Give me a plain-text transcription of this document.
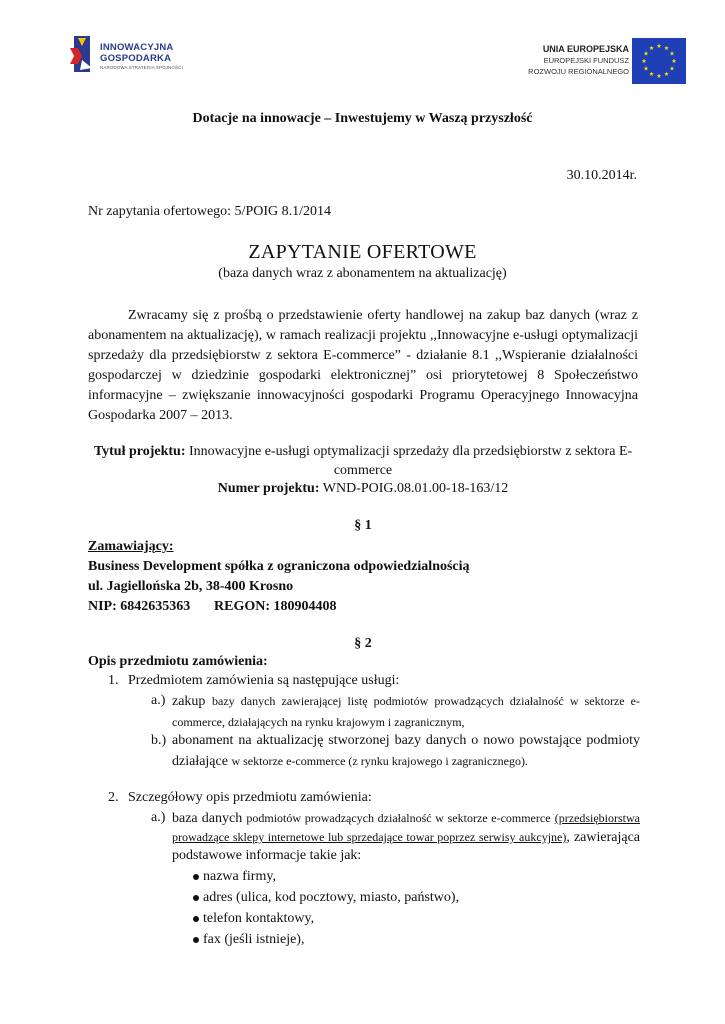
INNOWACYJNA
GOSPODARKA
NARODOWA STRATEGIA SPÓJNOŚCI
UNIA EUROPEJSKA
EUROPEJSKI FUNDUSZ
ROZWOJU REGIONALNEGO
Dotacje na innowacje – Inwestujemy w Waszą przyszłość
30.10.2014r.
Nr zapytania ofertowego: 5/POIG 8.1/2014
ZAPYTANIE OFERTOWE
(baza danych wraz z abonamentem na aktualizację)
Zwracamy się z prośbą o przedstawienie oferty handlowej na zakup baz danych (wraz z abonamentem na aktualizację), w ramach realizacji projektu ,,Innowacyjne e-usługi optymalizacji sprzedaży dla przedsiębiorstw z sektora E-commerce” - działanie 8.1 ,,Wspieranie działalności gospodarczej w dziedzinie gospodarki elektronicznej” osi priorytetowej 8 Społeczeństwo informacyjne – zwiększanie innowacyjności gospodarki Programu Operacyjnego Innowacyjna Gospodarka 2007 – 2013.
Tytuł projektu: Innowacyjne e-usługi optymalizacji sprzedaży dla przedsiębiorstw z sektora E-commerce
Numer projektu: WND-POIG.08.01.00-18-163/12
§ 1
Zamawiający:
Business Development spółka z ograniczona odpowiedzialnością
ul. Jagiellońska 2b, 38-400 Krosno
NIP: 6842635363 REGON: 180904408
§ 2
Opis przedmiotu zamówienia:
1. Przedmiotem zamówienia są następujące usługi:
a.) zakup bazy danych zawierającej listę podmiotów prowadzących działalność w sektorze e-commerce, działających na rynku krajowym i zagranicznym,
b.) abonament na aktualizację stworzonej bazy danych o nowo powstające podmioty działające w sektorze e-commerce (z rynku krajowego i zagranicznego).
2. Szczegółowy opis przedmiotu zamówienia:
a.) baza danych podmiotów prowadzących działalność w sektorze e-commerce (przedsiębiorstwa prowadzące sklepy internetowe lub sprzedające towar poprzez serwisy aukcyjne), zawierająca podstawowe informacje takie jak:
nazwa firmy,
adres (ulica, kod pocztowy, miasto, państwo),
telefon kontaktowy,
fax (jeśli istnieje),
